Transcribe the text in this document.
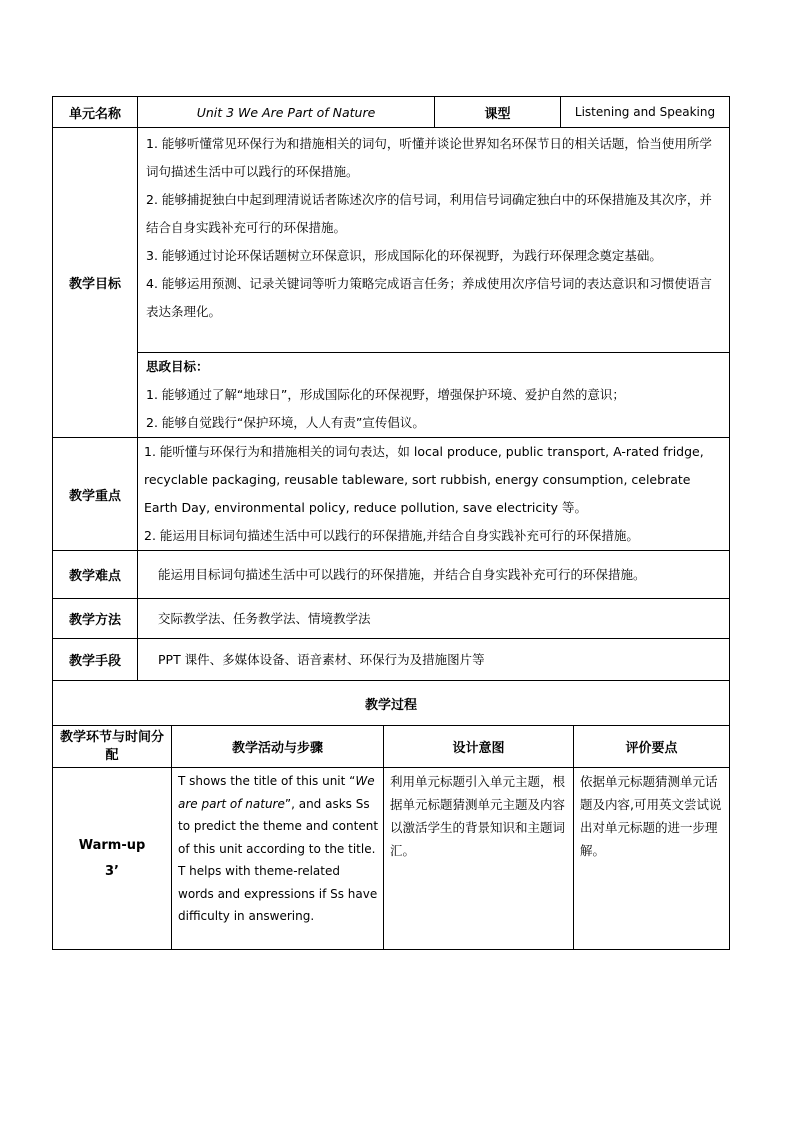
单元名称	Unit 3 We Are Part of Nature	课型	Listening and Speaking
教学目标	1. 能够听懂常见环保行为和措施相关的词句，听懂并谈论世界知名环保节日的相关话题，恰当使用所学词句描述生活中可以践行的环保措施。

2. 能够捕捉独白中起到理清说话者陈述次序的信号词，利用信号词确定独白中的环保措施及其次序，并结合自身实践补充可行的环保措施。

3. 能够通过讨论环保话题树立环保意识，形成国际化的环保视野，为践行环保理念奠定基础。

4. 能够运用预测、记录关键词等听力策略完成语言任务；养成使用次序信号词的表达意识和习惯使语言表达条理化。		

	思政目标：

1. 能够通过了解“地球日”，形成国际化的环保视野，增强保护环境、爱护自然的意识；

2. 能够自觉践行“保护环境，人人有责”宣传倡议。		

教学重点	1. 能听懂与环保行为和措施相关的词句表达，如 local produce, public transport, A-rated fridge, recyclable packaging, reusable tableware, sort rubbish, energy consumption, celebrate Earth Day, environmental policy, reduce pollution, save electricity 等。

2. 能运用目标词句描述生活中可以践行的环保措施,并结合自身实践补充可行的环保措施。		

教学难点	能运用目标词句描述生活中可以践行的环保措施，并结合自身实践补充可行的环保措施。		
教学方法	交际教学法、任务教学法、情境教学法		
教学手段	PPT 课件、多媒体设备、语音素材、环保行为及措施图片等		
教学过程			
教学环节与时间分配	教学活动与步骤	设计意图	评价要点

Warm-up
3’	T shows the title of this unit “We are part of nature”, and asks Ss to predict the theme and content of this unit according to the title. T helps with theme-related words and expressions if Ss have difficulty in answering.	利用单元标题引入单元主题，根据单元标题猜测单元主题及内容以激活学生的背景知识和主题词汇。	依据单元标题猜测单元话题及内容,可用英文尝试说出对单元标题的进一步理解。
